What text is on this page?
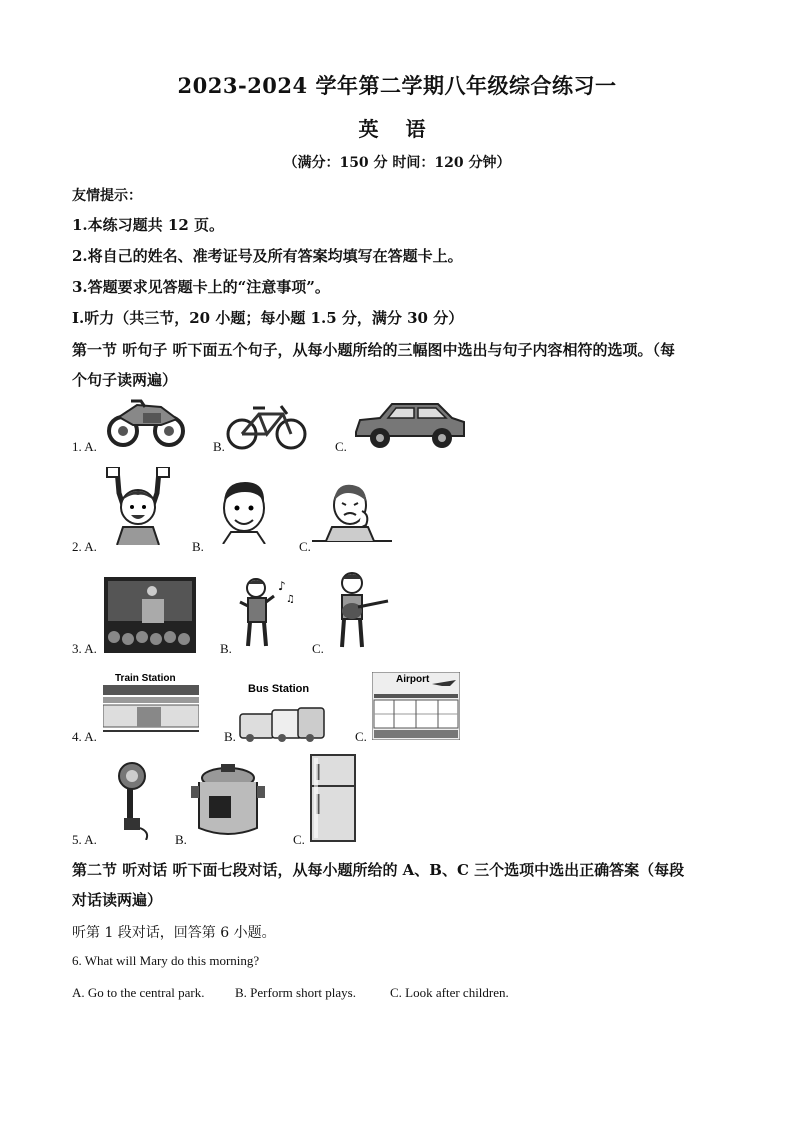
2023-2024 学年第二学期八年级综合练习一
英 语
（满分：150 分 时间：120 分钟）
友情提示：
1.本练习题共 12 页。
2.将自己的姓名、准考证号及所有答案均填写在答题卡上。
3.答题要求见答题卡上的“注意事项”。
I.听力（共三节，20 小题；每小题 1.5 分，满分 30 分）
第一节 听句子 听下面五个句子，从每小题所给的三幅图中选出与句子内容相符的选项。（每
个句子读两遍）
1. A.	B.	C.
2. A.	B.	C.
3. A.	B.
♪
♫
C.
4. A.
Train Station
B.
Bus Station
C.
Airport
5. A.	B.	C.
第二节 听对话 听下面七段对话，从每小题所给的 A、B、C 三个选项中选出正确答案（每段
对话读两遍）
听第 1 段对话，回答第 6 小题。
6. What will Mary do this morning?
A. Go to the central park. B. Perform short plays.	C. Look after children.
